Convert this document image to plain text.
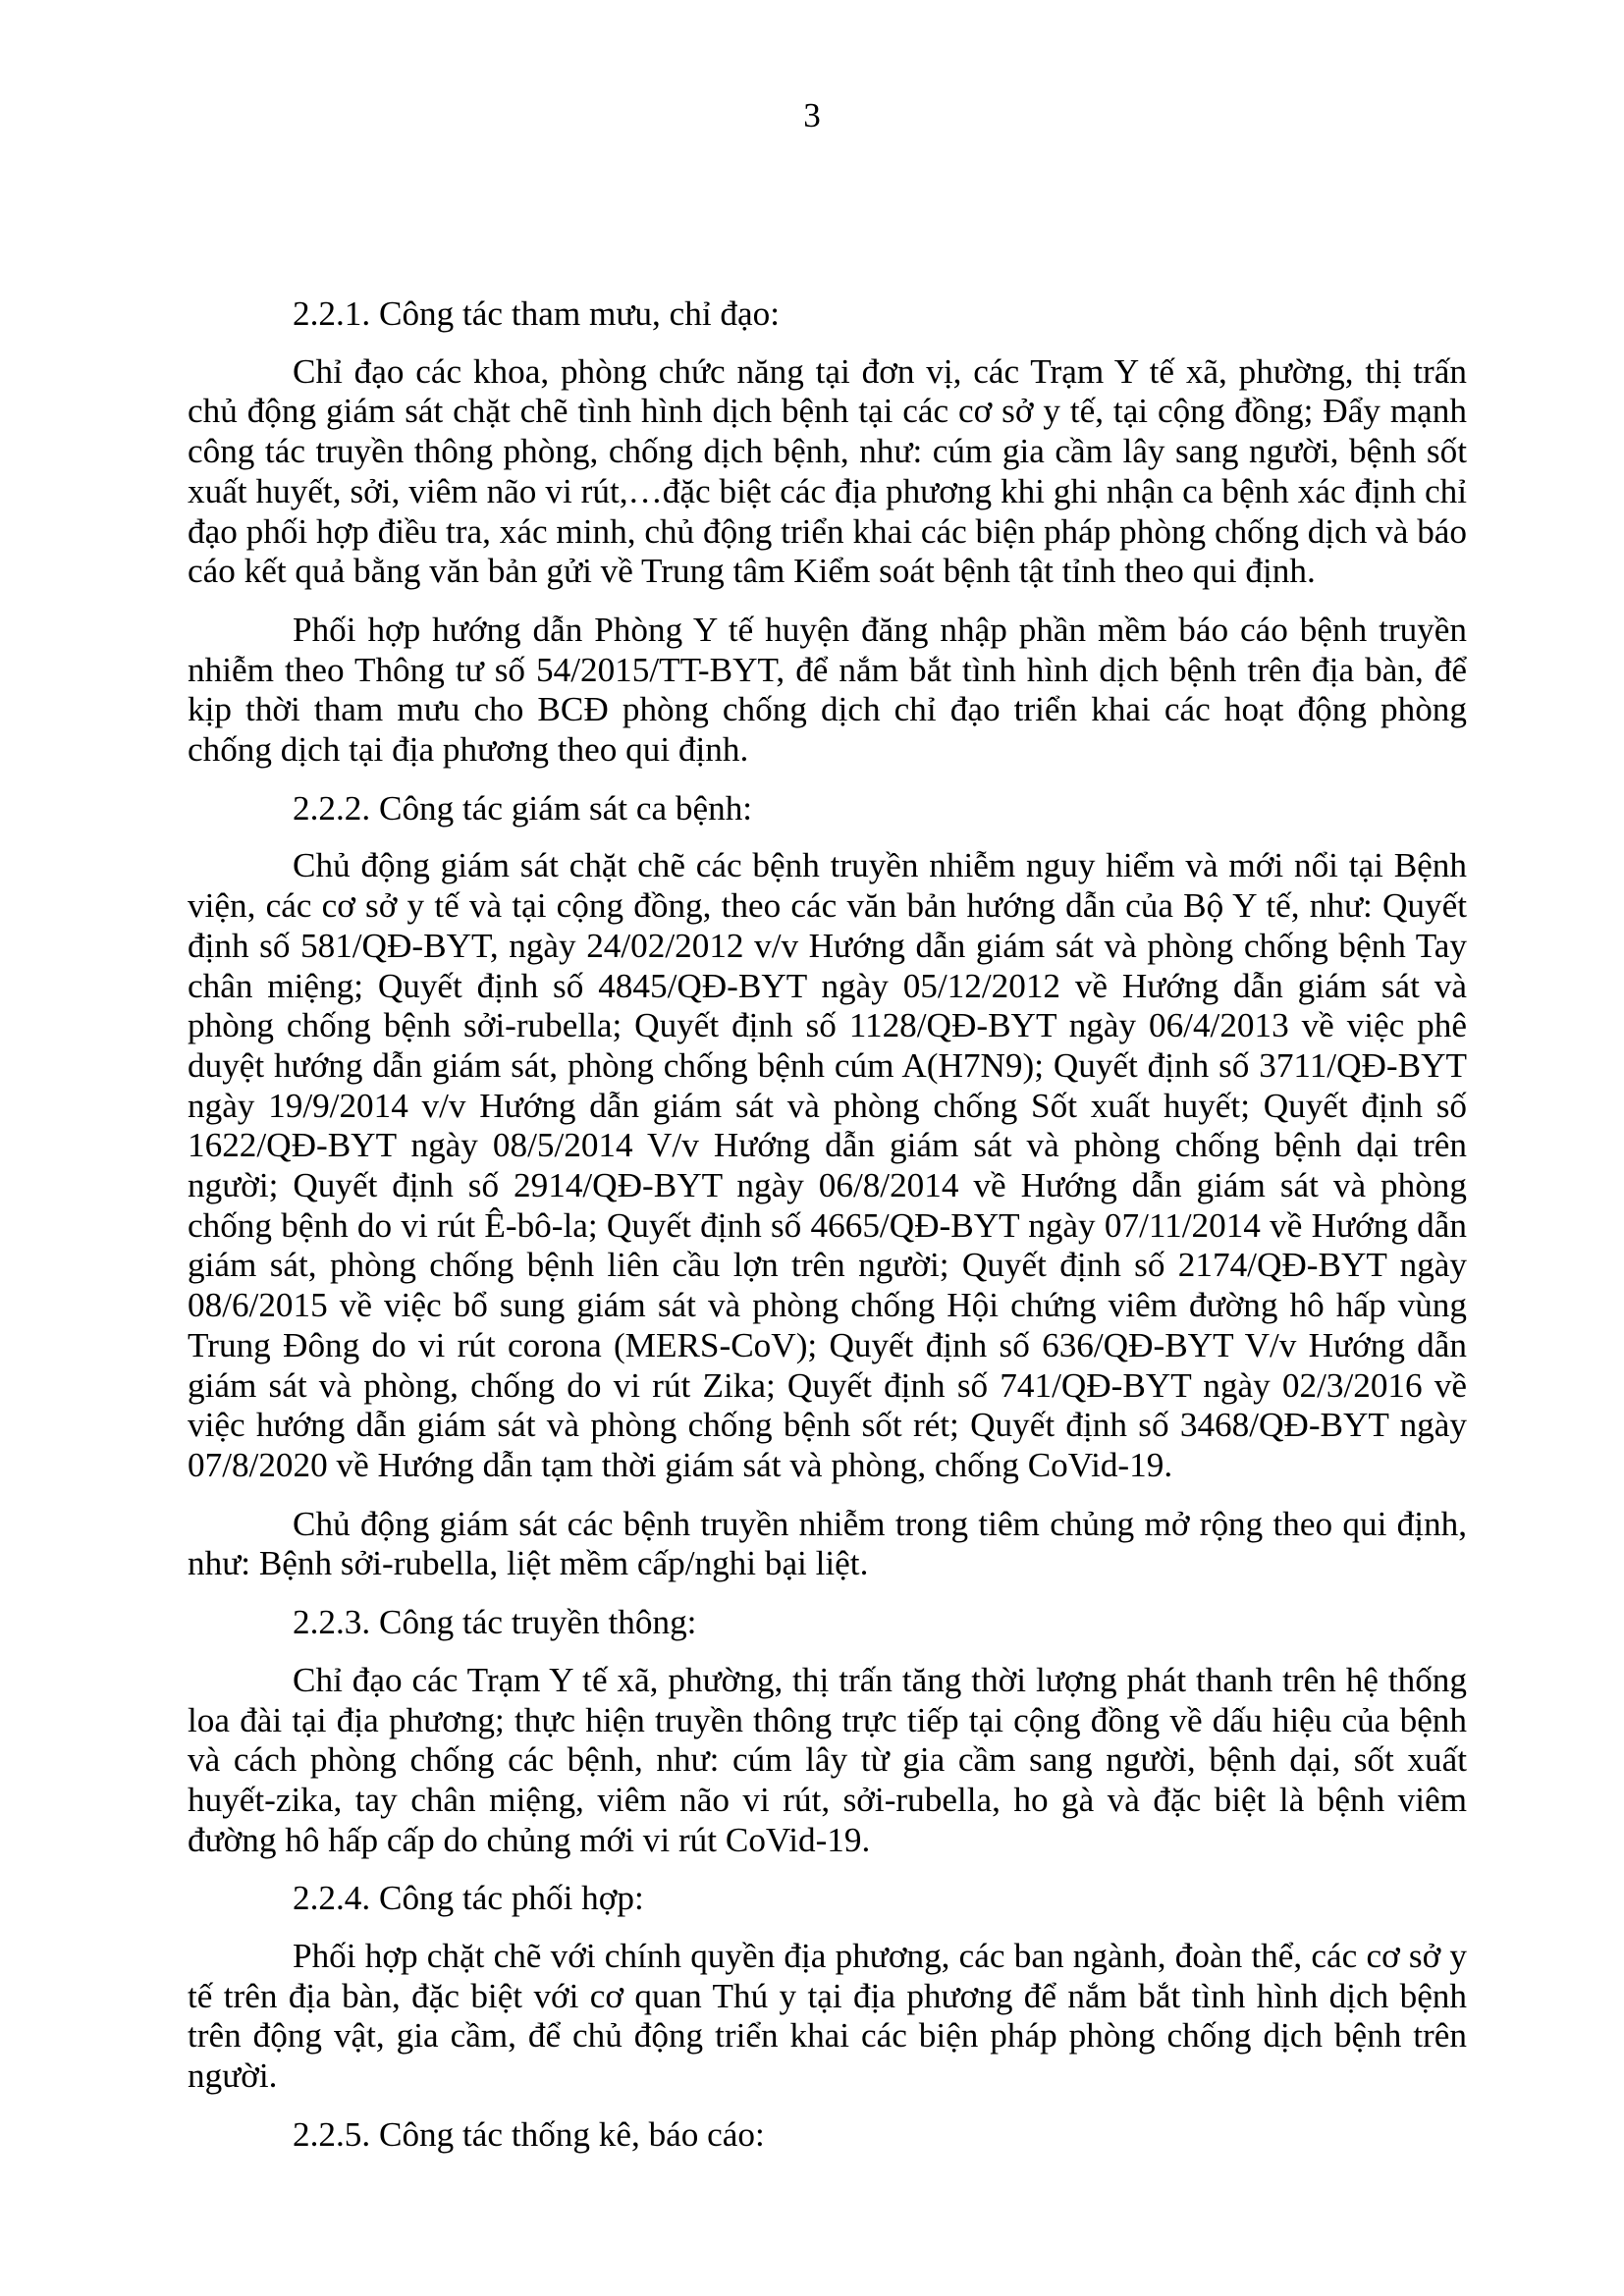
3
2.2.1. Công tác tham mưu, chỉ đạo:

Chỉ đạo các khoa, phòng chức năng tại đơn vị, các Trạm Y tế xã, phường, thị trấn chủ động giám sát chặt chẽ tình hình dịch bệnh tại các cơ sở y tế, tại cộng đồng; Đẩy mạnh công tác truyền thông phòng, chống dịch bệnh, như: cúm gia cầm lây sang người, bệnh sốt xuất huyết, sởi, viêm não vi rút,…đặc biệt các địa phương khi ghi nhận ca bệnh xác định chỉ đạo phối hợp điều tra, xác minh, chủ động triển khai các biện pháp phòng chống dịch và báo cáo kết quả bằng văn bản gửi về Trung tâm Kiểm soát bệnh tật tỉnh theo qui định.

Phối hợp hướng dẫn Phòng Y tế huyện đăng nhập phần mềm báo cáo bệnh truyền nhiễm theo Thông tư số 54/2015/TT-BYT, để nắm bắt tình hình dịch bệnh trên địa bàn, để kịp thời tham mưu cho BCĐ phòng chống dịch chỉ đạo triển khai các hoạt động phòng chống dịch tại địa phương theo qui định.

2.2.2. Công tác giám sát ca bệnh:

Chủ động giám sát chặt chẽ các bệnh truyền nhiễm nguy hiểm và mới nổi tại Bệnh viện, các cơ sở y tế và tại cộng đồng, theo các văn bản hướng dẫn của Bộ Y tế, như: Quyết định số 581/QĐ-BYT, ngày 24/02/2012 v/v Hướng dẫn giám sát và phòng chống bệnh Tay chân miệng; Quyết định số 4845/QĐ-BYT ngày 05/12/2012 về Hướng dẫn giám sát và phòng chống bệnh sởi-rubella; Quyết định số 1128/QĐ-BYT ngày 06/4/2013 về việc phê duyệt hướng dẫn giám sát, phòng chống bệnh cúm A(H7N9); Quyết định số 3711/QĐ-BYT ngày 19/9/2014 v/v Hướng dẫn giám sát và phòng chống Sốt xuất huyết; Quyết định số 1622/QĐ-BYT ngày 08/5/2014 V/v Hướng dẫn giám sát và phòng chống bệnh dại trên người; Quyết định số 2914/QĐ-BYT ngày 06/8/2014 về Hướng dẫn giám sát và phòng chống bệnh do vi rút Ê-bô-la; Quyết định số 4665/QĐ-BYT ngày 07/11/2014 về Hướng dẫn giám sát, phòng chống bệnh liên cầu lợn trên người; Quyết định số 2174/QĐ-BYT ngày 08/6/2015 về việc bổ sung giám sát và phòng chống Hội chứng viêm đường hô hấp vùng Trung Đông do vi rút corona (MERS-CoV); Quyết định số 636/QĐ-BYT V/v Hướng dẫn giám sát và phòng, chống do vi rút Zika; Quyết định số 741/QĐ-BYT ngày 02/3/2016 về việc hướng dẫn giám sát và phòng chống bệnh sốt rét; Quyết định số 3468/QĐ-BYT ngày 07/8/2020 về Hướng dẫn tạm thời giám sát và phòng, chống CoVid-19.

Chủ động giám sát các bệnh truyền nhiễm trong tiêm chủng mở rộng theo qui định, như: Bệnh sởi-rubella, liệt mềm cấp/nghi bại liệt.

2.2.3. Công tác truyền thông:

Chỉ đạo các Trạm Y tế xã, phường, thị trấn tăng thời lượng phát thanh trên hệ thống loa đài tại địa phương; thực hiện truyền thông trực tiếp tại cộng đồng về dấu hiệu của bệnh và cách phòng chống các bệnh, như: cúm lây từ gia cầm sang người, bệnh dại, sốt xuất huyết-zika, tay chân miệng, viêm não vi rút, sởi-rubella, ho gà và đặc biệt là bệnh viêm đường hô hấp cấp do chủng mới vi rút CoVid-19.

2.2.4. Công tác phối hợp:

Phối hợp chặt chẽ với chính quyền địa phương, các ban ngành, đoàn thể, các cơ sở y tế trên địa bàn, đặc biệt với cơ quan Thú y tại địa phương để nắm bắt tình hình dịch bệnh trên động vật, gia cầm, để chủ động triển khai các biện pháp phòng chống dịch bệnh trên người.

2.2.5. Công tác thống kê, báo cáo:
